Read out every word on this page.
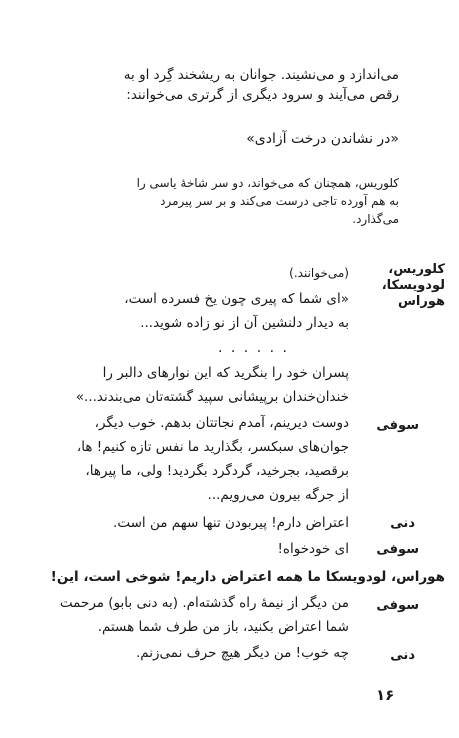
می‌اندازد و می‌نشیند. جوانان به ریشخند گِرد او به
رقص می‌آیند و سرود دیگری از گرتری می‌خوانند:
«در نشاندن درخت آزادی»
کلوریس، همچنان که می‌خواند، دو سر شاخهٔ یاسی را
به هم آورده تاجی درست می‌کند و بر سر پیرمرد
می‌گذارد.
کلوریس، لودویسکا، هوراس
(می‌خوانند.)
«ای شما که پیری چون یخ فسرده است،
به دیدار دلنشین آن از نو زاده شوید...
. . . . . .
پسران خود را بنگرید که این نوارهای دالبر را
خندان‌خندان برپیشانی سپید گشته‌تان می‌بندند...»
سوفی
دوست دیرینم، آمدم نجاتتان بدهم. خوب دیگر،
جوان‌های سبکسر، بگذارید ما نفس تازه کنیم! ها،
برقصید، بجرخید، گردگرد بگردید! ولی، ما پیرها،
از جرگه بیرون می‌رویم...
دنی
اعتراض دارم! پیربودن تنها سهم من است.
سوفی
ای خودخواه!
هوراس، لودویسکا ما همه اعتراض داریم! شوخی است، این!
سوفی
من دیگر از نیمهٔ راه گذشته‌ام. (به دنی بابو) مرحمت
شما اعتراض بکنید، باز من طرف شما هستم.
دنی
چه خوب! من دیگر هیچ حرف نمی‌زنم.
۱۶
